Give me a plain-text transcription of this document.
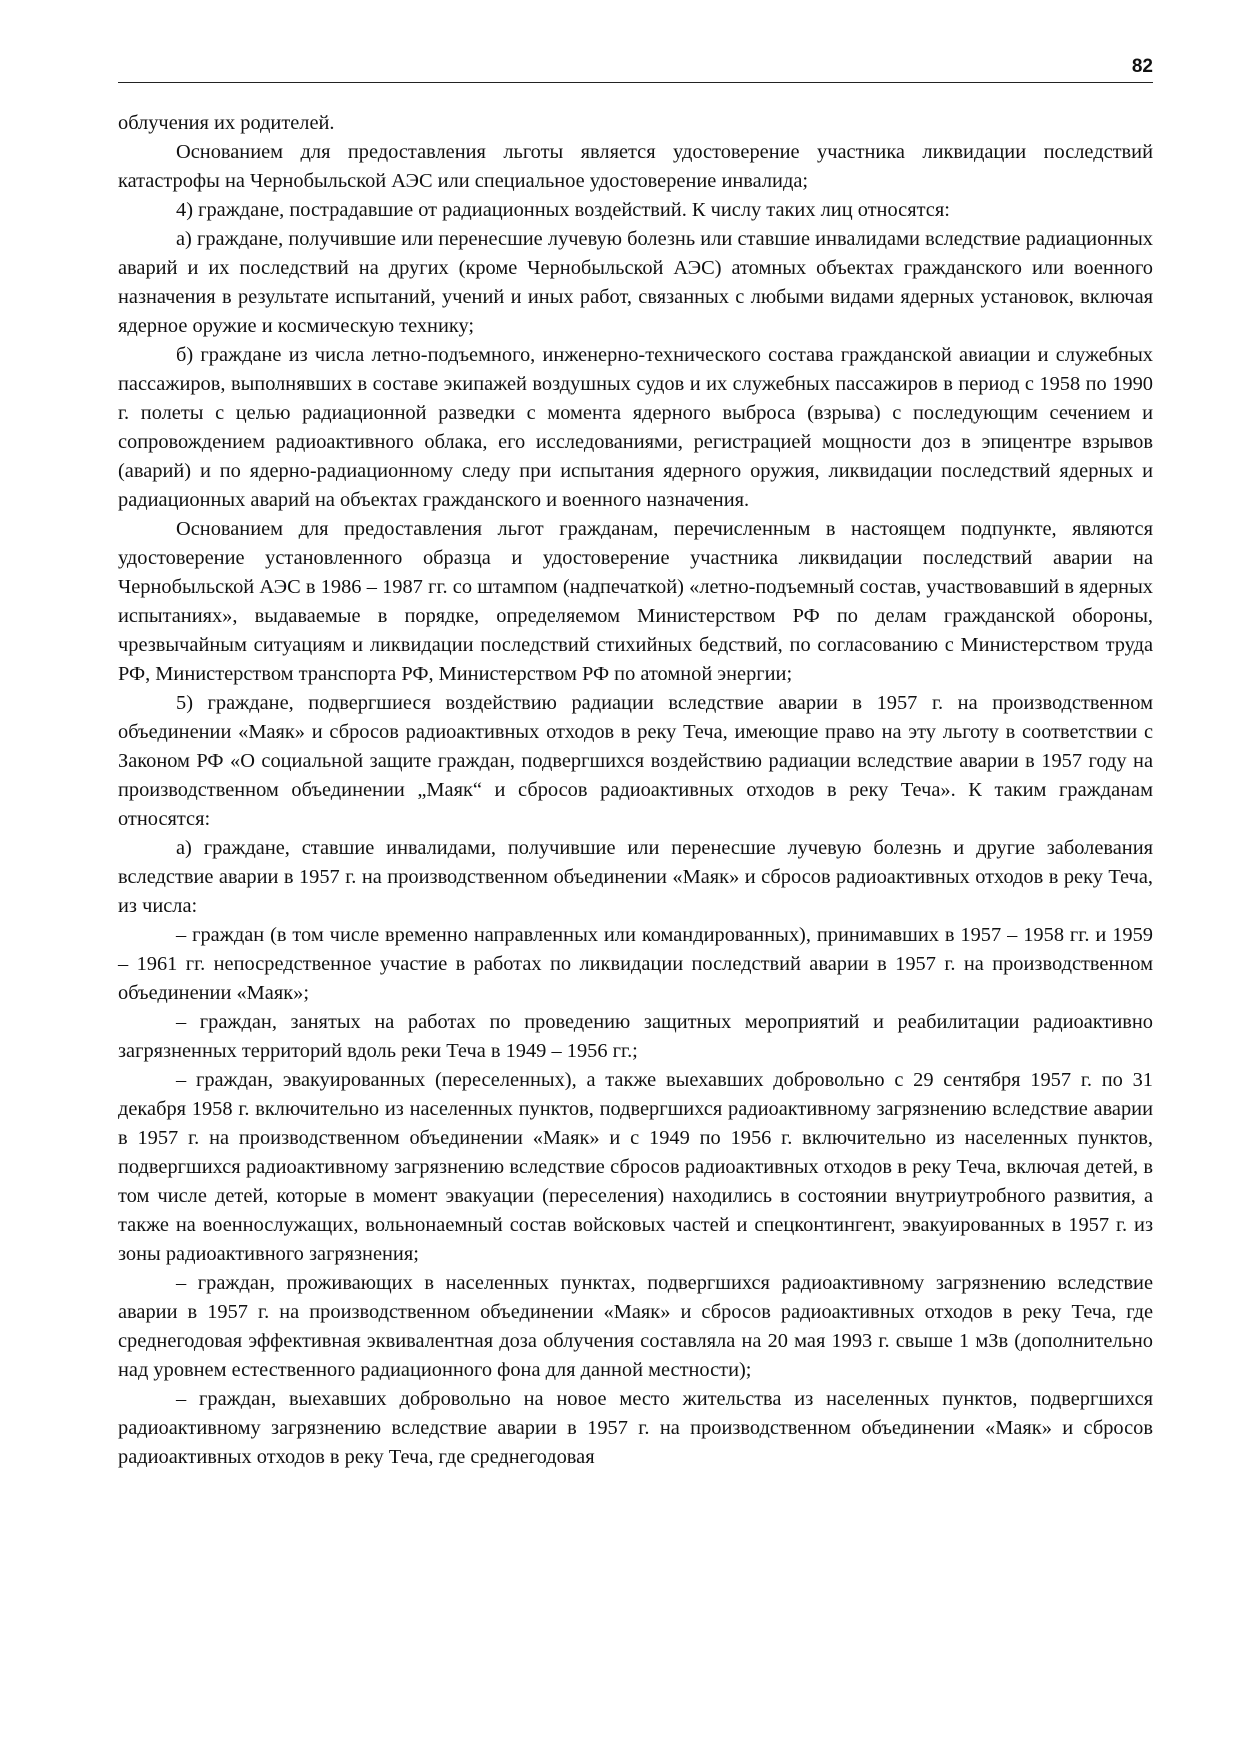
82

облучения их родителей.

Основанием для предоставления льготы является удостоверение участника ликвидации последствий катастрофы на Чернобыльской АЭС или специальное удостоверение инвалида;

4) граждане, пострадавшие от радиационных воздействий. К числу таких лиц относятся:

а) граждане, получившие или перенесшие лучевую болезнь или ставшие инвалидами вследствие радиационных аварий и их последствий на других (кроме Чернобыльской АЭС) атомных объектах гражданского или военного назначения в результате испытаний, учений и иных работ, связанных с любыми видами ядерных установок, включая ядерное оружие и космическую технику;

б) граждане из числа летно-подъемного, инженерно-технического состава гражданской авиации и служебных пассажиров, выполнявших в составе экипажей воздушных судов и их служебных пассажиров в период с 1958 по 1990 г. полеты с целью радиационной разведки с момента ядерного выброса (взрыва) с последующим сечением и сопровождением радиоактивного облака, его исследованиями, регистрацией мощности доз в эпицентре взрывов (аварий) и по ядерно-радиационному следу при испытания ядерного оружия, ликвидации последствий ядерных и радиационных аварий на объектах гражданского и военного назначения.

Основанием для предоставления льгот гражданам, перечисленным в настоящем подпункте, являются удостоверение установленного образца и удостоверение участника ликвидации последствий аварии на Чернобыльской АЭС в 1986 – 1987 гг. со штампом (надпечаткой) «летно-подъемный состав, участвовавший в ядерных испытаниях», выдаваемые в порядке, определяемом Министерством РФ по делам гражданской обороны, чрезвычайным ситуациям и ликвидации последствий стихийных бедствий, по согласованию с Министерством труда РФ, Министерством транспорта РФ, Министерством РФ по атомной энергии;

5) граждане, подвергшиеся воздействию радиации вследствие аварии в 1957 г. на производственном объединении «Маяк» и сбросов радиоактивных отходов в реку Теча, имеющие право на эту льготу в соответствии с Законом РФ «О социальной защите граждан, подвергшихся воздействию радиации вследствие аварии в 1957 году на производственном объединении „Маяк“ и сбросов радиоактивных отходов в реку Теча». К таким гражданам относятся:

а) граждане, ставшие инвалидами, получившие или перенесшие лучевую болезнь и другие заболевания вследствие аварии в 1957 г. на производственном объединении «Маяк» и сбросов радиоактивных отходов в реку Теча, из числа:

– граждан (в том числе временно направленных или командированных), принимавших в 1957 – 1958 гг. и 1959 – 1961 гг. непосредственное участие в работах по ликвидации последствий аварии в 1957 г. на производственном объединении «Маяк»;

– граждан, занятых на работах по проведению защитных мероприятий и реабилитации радиоактивно загрязненных территорий вдоль реки Теча в 1949 – 1956 гг.;

– граждан, эвакуированных (переселенных), а также выехавших добровольно с 29 сентября 1957 г. по 31 декабря 1958 г. включительно из населенных пунктов, подвергшихся радиоактивному загрязнению вследствие аварии в 1957 г. на производственном объединении «Маяк» и с 1949 по 1956 г. включительно из населенных пунктов, подвергшихся радиоактивному загрязнению вследствие сбросов радиоактивных отходов в реку Теча, включая детей, в том числе детей, которые в момент эвакуации (переселения) находились в состоянии внутриутробного развития, а также на военнослужащих, вольнонаемный состав войсковых частей и спецконтингент, эвакуированных в 1957 г. из зоны радиоактивного загрязнения;

– граждан, проживающих в населенных пунктах, подвергшихся радиоактивному загрязнению вследствие аварии в 1957 г. на производственном объединении «Маяк» и сбросов радиоактивных отходов в реку Теча, где среднегодовая эффективная эквивалентная доза облучения составляла на 20 мая 1993 г. свыше 1 мЗв (дополнительно над уровнем естественного радиационного фона для данной местности);

– граждан, выехавших добровольно на новое место жительства из населенных пунктов, подвергшихся радиоактивному загрязнению вследствие аварии в 1957 г. на производственном объединении «Маяк» и сбросов радиоактивных отходов в реку Теча, где среднегодовая
